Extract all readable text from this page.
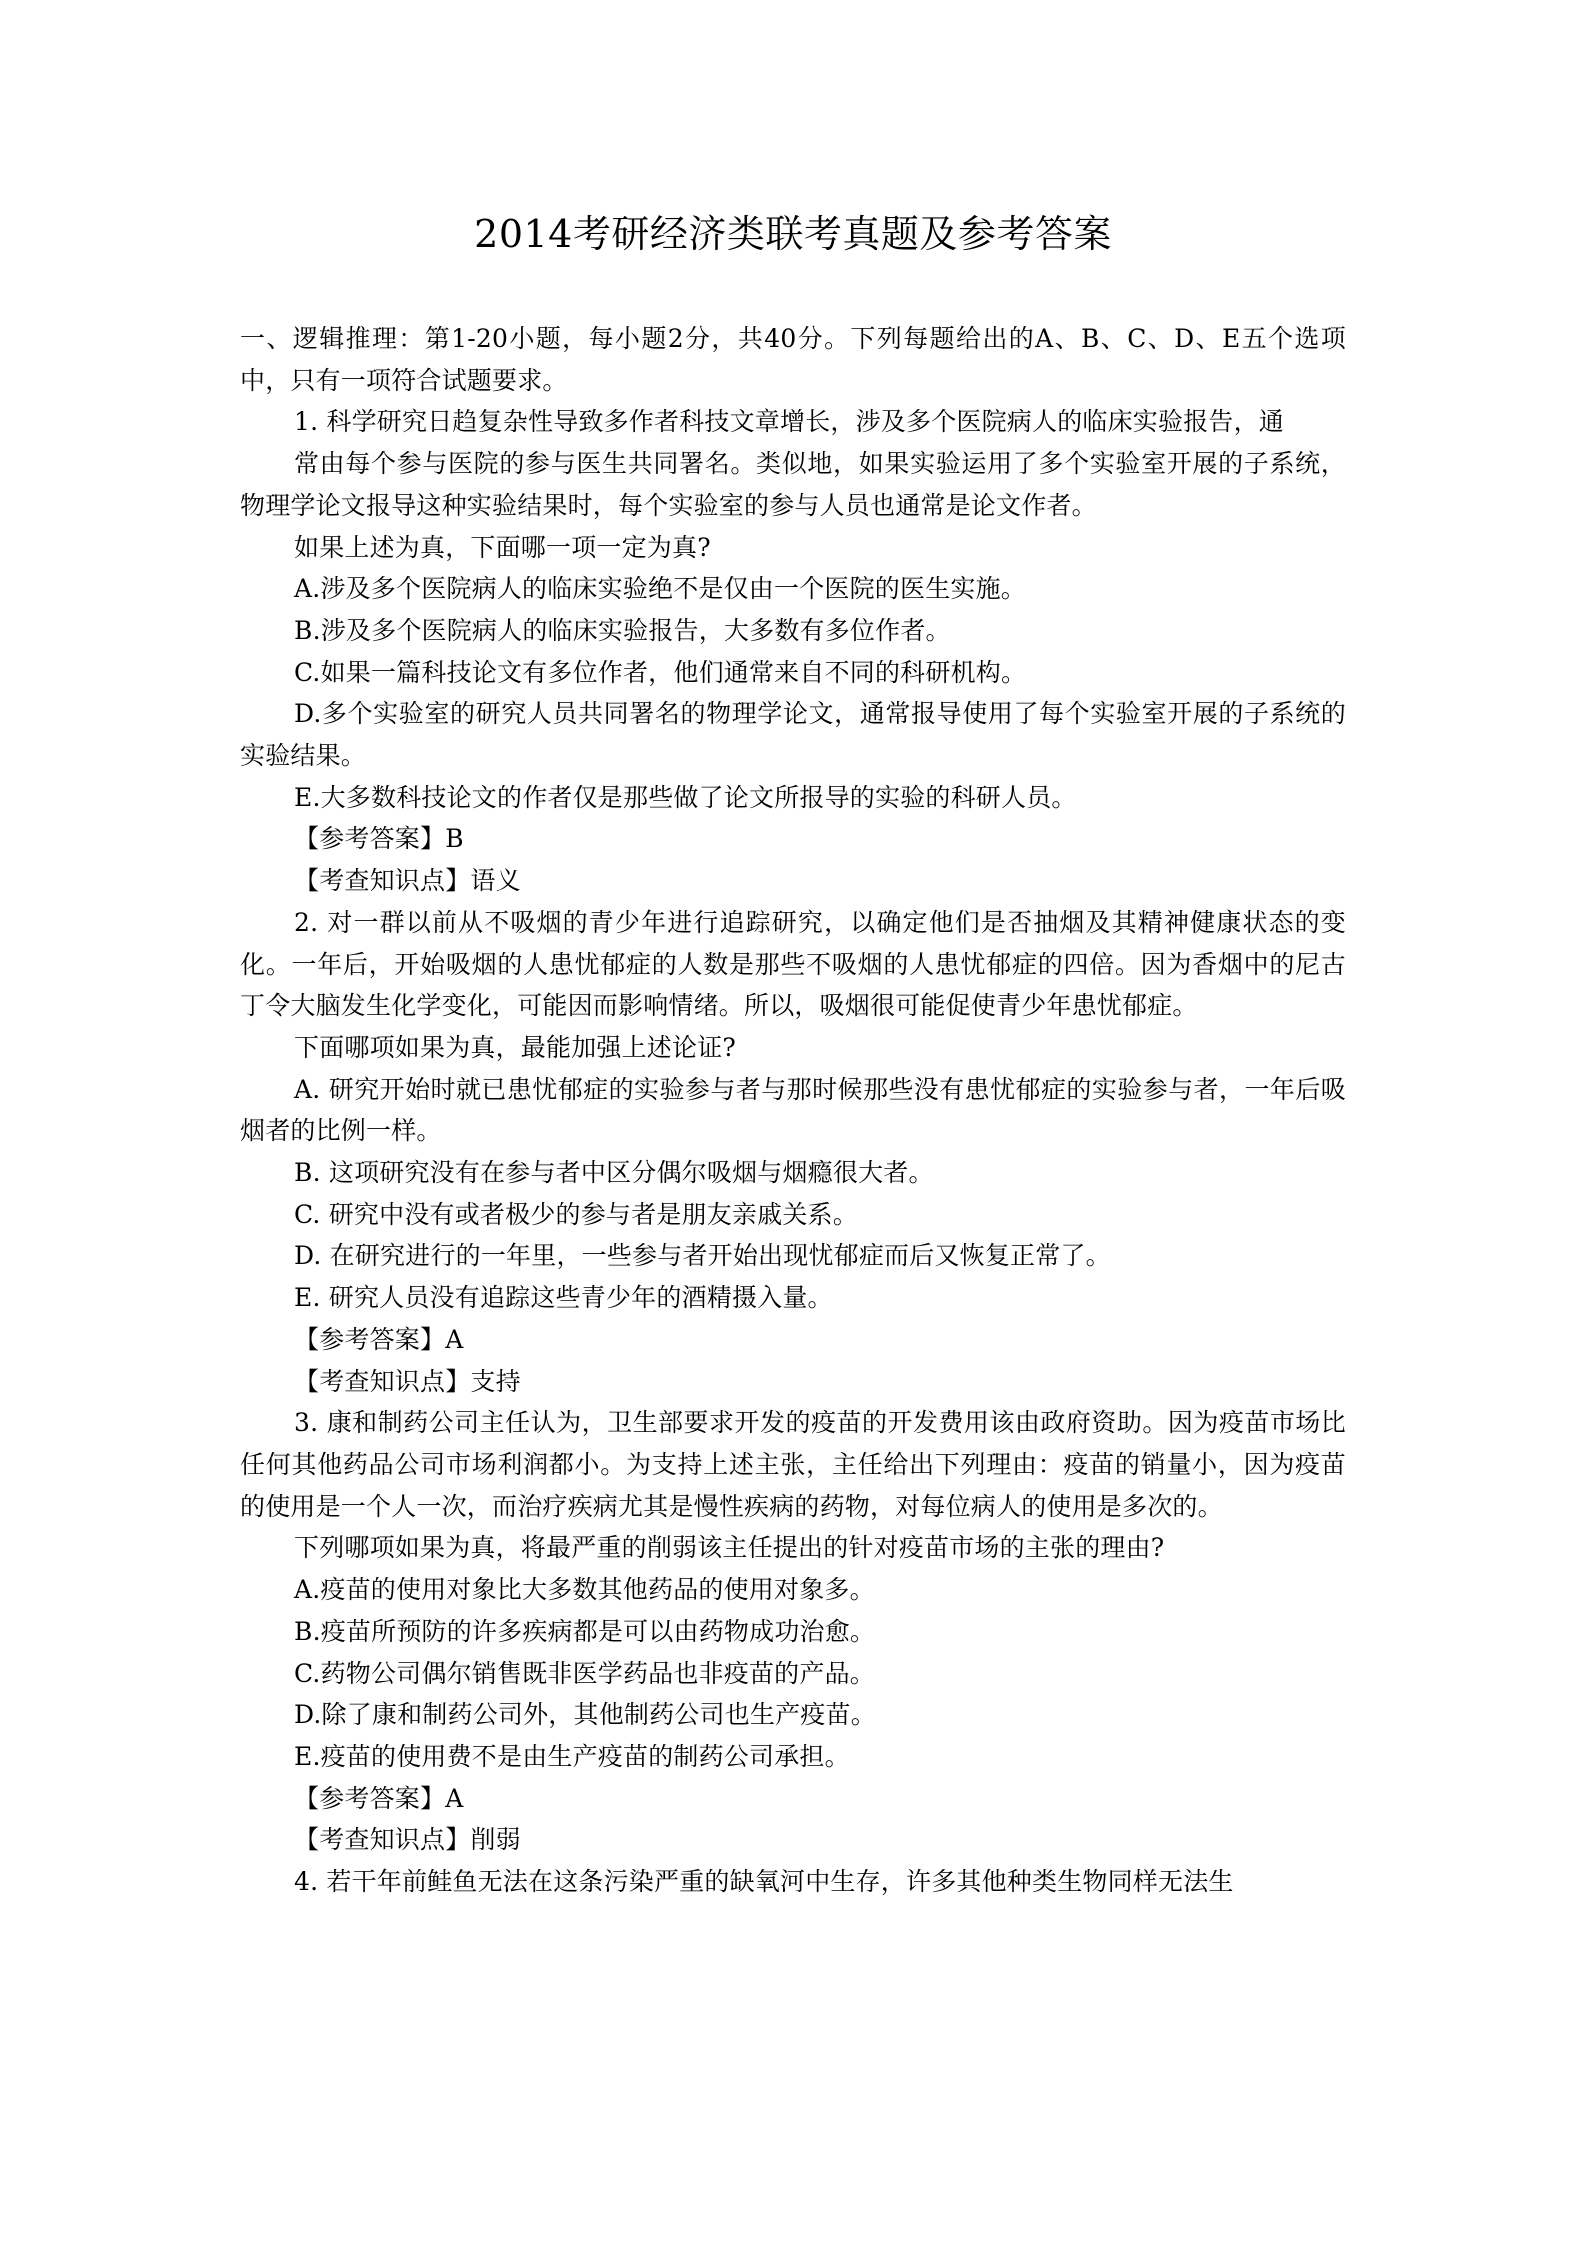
2014考研经济类联考真题及参考答案

一、逻辑推理：第1-20小题，每小题2分，共40分。下列每题给出的A、B、C、D、E五个选项中，只有一项符合试题要求。

1. 科学研究日趋复杂性导致多作者科技文章增长，涉及多个医院病人的临床实验报告，通

常由每个参与医院的参与医生共同署名。类似地，如果实验运用了多个实验室开展的子系统，物理学论文报导这种实验结果时，每个实验室的参与人员也通常是论文作者。

如果上述为真，下面哪一项一定为真?

A.涉及多个医院病人的临床实验绝不是仅由一个医院的医生实施。

B.涉及多个医院病人的临床实验报告，大多数有多位作者。

C.如果一篇科技论文有多位作者，他们通常来自不同的科研机构。

D.多个实验室的研究人员共同署名的物理学论文，通常报导使用了每个实验室开展的子系统的实验结果。

E.大多数科技论文的作者仅是那些做了论文所报导的实验的科研人员。

【参考答案】B

【考查知识点】语义

2. 对一群以前从不吸烟的青少年进行追踪研究，以确定他们是否抽烟及其精神健康状态的变化。一年后，开始吸烟的人患忧郁症的人数是那些不吸烟的人患忧郁症的四倍。因为香烟中的尼古丁令大脑发生化学变化，可能因而影响情绪。所以，吸烟很可能促使青少年患忧郁症。

下面哪项如果为真，最能加强上述论证?

A. 研究开始时就已患忧郁症的实验参与者与那时候那些没有患忧郁症的实验参与者，一年后吸烟者的比例一样。

B. 这项研究没有在参与者中区分偶尔吸烟与烟瘾很大者。

C. 研究中没有或者极少的参与者是朋友亲戚关系。

D. 在研究进行的一年里，一些参与者开始出现忧郁症而后又恢复正常了。

E. 研究人员没有追踪这些青少年的酒精摄入量。

【参考答案】A

【考查知识点】支持

3. 康和制药公司主任认为，卫生部要求开发的疫苗的开发费用该由政府资助。因为疫苗市场比任何其他药品公司市场利润都小。为支持上述主张，主任给出下列理由：疫苗的销量小，因为疫苗的使用是一个人一次，而治疗疾病尤其是慢性疾病的药物，对每位病人的使用是多次的。

下列哪项如果为真，将最严重的削弱该主任提出的针对疫苗市场的主张的理由?

A.疫苗的使用对象比大多数其他药品的使用对象多。

B.疫苗所预防的许多疾病都是可以由药物成功治愈。

C.药物公司偶尔销售既非医学药品也非疫苗的产品。

D.除了康和制药公司外，其他制药公司也生产疫苗。

E.疫苗的使用费不是由生产疫苗的制药公司承担。

【参考答案】A

【考查知识点】削弱

4. 若干年前鲑鱼无法在这条污染严重的缺氧河中生存，许多其他种类生物同样无法生
